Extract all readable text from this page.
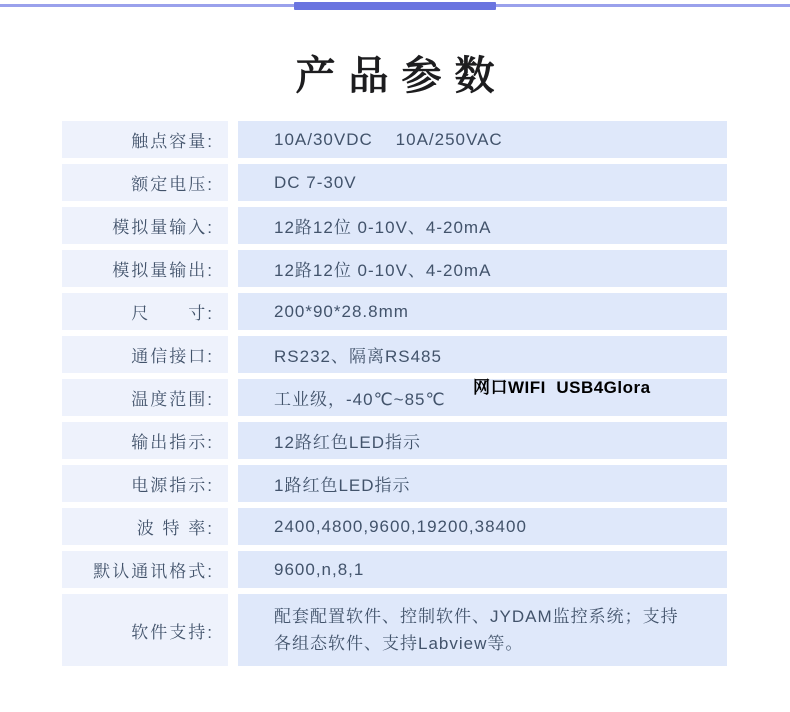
产品参数
网口WIFI  USB4Glora
触点容量:	10A/30VDC    10A/250VAC
额定电压:	DC 7-30V
模拟量输入:	12路12位 0-10V、4-20mA
模拟量输出:	12路12位 0-10V、4-20mA
尺　　寸:	200*90*28.8mm
通信接口:	RS232、隔离RS485
温度范围:	工业级，-40℃~85℃
输出指示:	12路红色LED指示
电源指示:	1路红色LED指示
波 特 率:	2400,4800,9600,19200,38400
默认通讯格式:	9600,n,8,1
软件支持:
配套配置软件、控制软件、JYDAM监控系统；支持各组态软件、支持Labview等。
